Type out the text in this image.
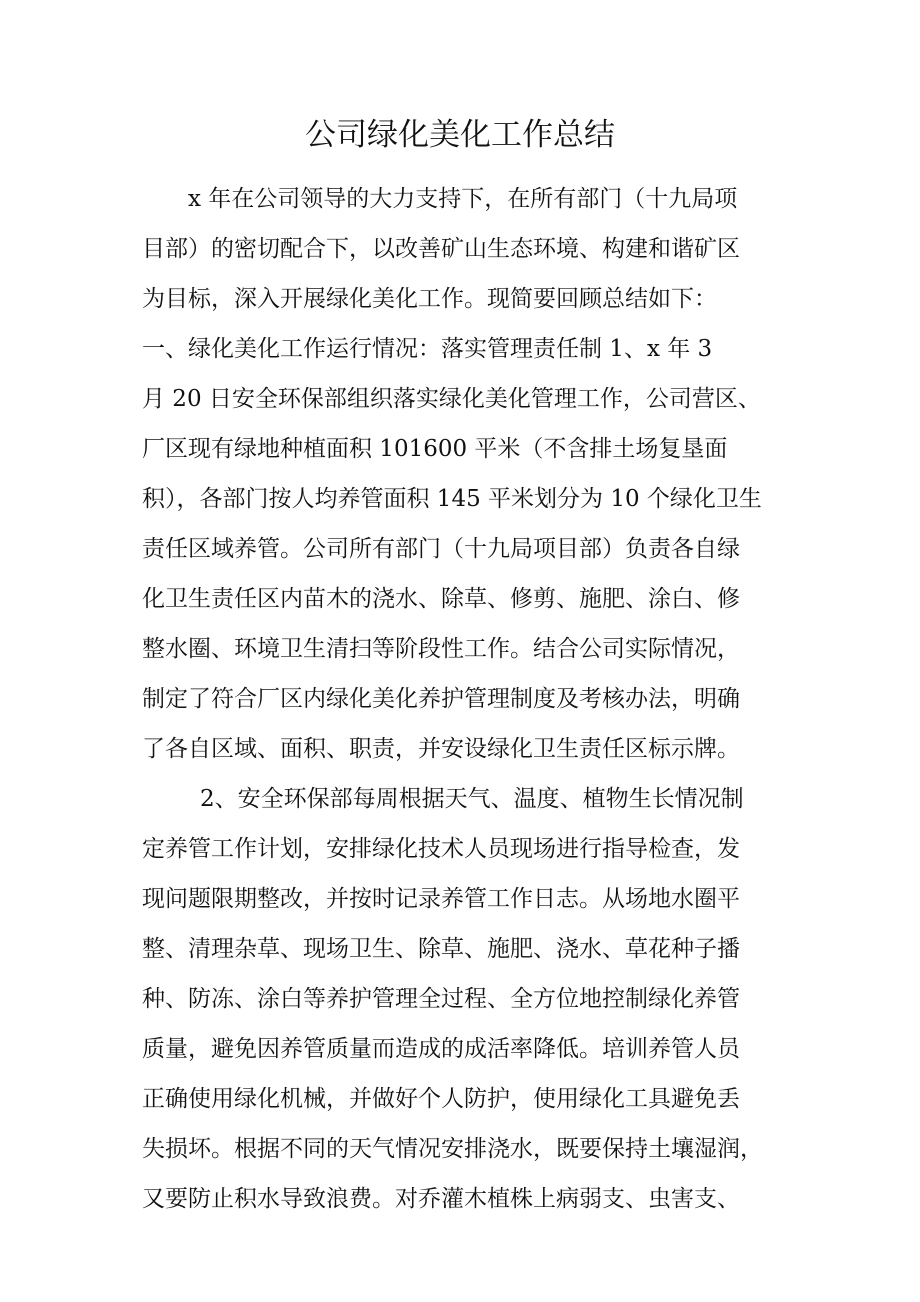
公司绿化美化工作总结
x 年在公司领导的大力支持下，在所有部门（十九局项
目部）的密切配合下，以改善矿山生态环境、构建和谐矿区
为目标，深入开展绿化美化工作。现简要回顾总结如下：
一、绿化美化工作运行情况：落实管理责任制 1、x 年 3
月 20 日安全环保部组织落实绿化美化管理工作，公司营区、
厂区现有绿地种植面积 101600 平米（不含排土场复垦面
积），各部门按人均养管面积 145 平米划分为 10 个绿化卫生
责任区域养管。公司所有部门（十九局项目部）负责各自绿
化卫生责任区内苗木的浇水、除草、修剪、施肥、涂白、修
整水圈、环境卫生清扫等阶段性工作。结合公司实际情况，
制定了符合厂区内绿化美化养护管理制度及考核办法，明确
了各自区域、面积、职责，并安设绿化卫生责任区标示牌。
2、安全环保部每周根据天气、温度、植物生长情况制
定养管工作计划，安排绿化技术人员现场进行指导检查，发
现问题限期整改，并按时记录养管工作日志。从场地水圈平
整、清理杂草、现场卫生、除草、施肥、浇水、草花种子播
种、防冻、涂白等养护管理全过程、全方位地控制绿化养管
质量，避免因养管质量而造成的成活率降低。培训养管人员
正确使用绿化机械，并做好个人防护，使用绿化工具避免丢
失损坏。根据不同的天气情况安排浇水，既要保持土壤湿润，
又要防止积水导致浪费。对乔灌木植株上病弱支、虫害支、
